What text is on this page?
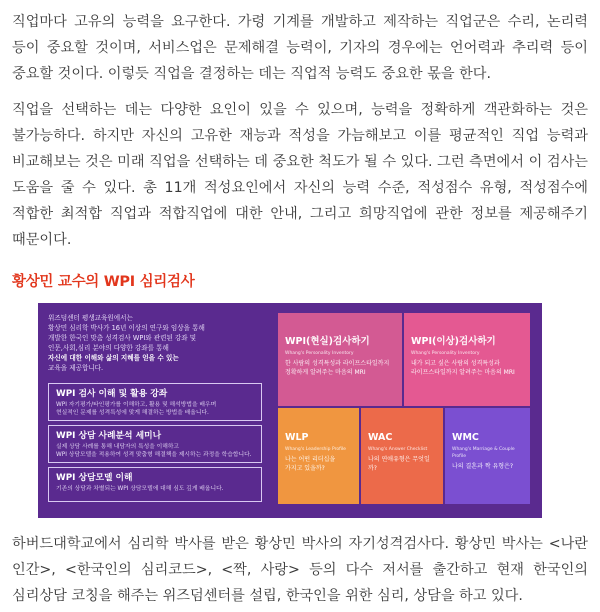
직업마다 고유의 능력을 요구한다. 가령 기계를 개발하고 제작하는 직업군은 수리, 논리력 등이 중요할 것이며, 서비스업은 문제해결 능력이, 기자의 경우에는 언어력과 추리력 등이 중요할 것이다. 이렇듯 직업을 결정하는 데는 직업적 능력도 중요한 몫을 한다.

직업을 선택하는 데는 다양한 요인이 있을 수 있으며, 능력을 정확하게 객관화하는 것은 불가능하다. 하지만 자신의 고유한 재능과 적성을 가늠해보고 이를 평균적인 직업 능력과 비교해보는 것은 미래 직업을 선택하는 데 중요한 척도가 될 수 있다. 그런 측면에서 이 검사는 도움을 줄 수 있다. 총 11개 적성요인에서 자신의 능력 수준, 적성점수 유형, 적성점수에 적합한 최적합 직업과 적합직업에 대한 안내, 그리고 희망직업에 관한 정보를 제공해주기 때문이다.

황상민 교수의 WPI 심리검사
위즈덤센터 평생교육원에서는
황상민 심리학 박사가 16년 이상의 연구와 임상을 통해
개발한 한국인 맞춤 성격검사 WPI와 관련된 강좌 및
인문,사회,심리 분야의 다양한 강좌를 통해
자신에 대한 이해와 삶의 지혜를 얻을 수 있는
교육을 제공합니다.
WPI 검사 이해 및 활용 강좌
WPI 자기평가/타인평가를 이해하고, 활용 및 해석방법을 배우며
현실적인 문제를 성격특성에 맞게 해결하는 방법을 배웁니다.
WPI 상담 사례분석 세미나
실제 상담 사례를 통해 내담자의 특성을 이해하고
WPI 상담모델을 적용하여 성격 맞춤형 해결책을 제시하는 과정을 학습합니다.
WPI 상담모델 이해
기존의 상담과 차별되는 WPI 상담모델에 대해 심도 깊게 배웁니다.
WPI(현실)검사하기
Whang's Personality Inventory
한 사람의 성격특성과 라이프스타일까지
정확하게 알려주는 마음의 MRI
WPI(이상)검사하기
Whang's Personality Inventory
내가 되고 싶은 사람의 성격특성과
라이프스타일까지 알려주는 마음의 MRI
WLP
Whang's Leadership Profile
나는 어떤 리더십을
가지고 있을까?
WAC
Whang's Answer Checklist
나의 연애유형은 무엇일까?
WMC
Whang's Marriage & Couple Profile
나의 결혼과 짝 유형은?

하버드대학교에서 심리학 박사를 받은 황상민 박사의 자기성격검사다. 황상민 박사는 <나란 인간>, <한국인의 심리코드>, <짝, 사랑> 등의 다수 저서를 출간하고 현재 한국인의 심리상담 코칭을 해주는 위즈덤센터를 설립, 한국인을 위한 심리, 상담을 하고 있다.
